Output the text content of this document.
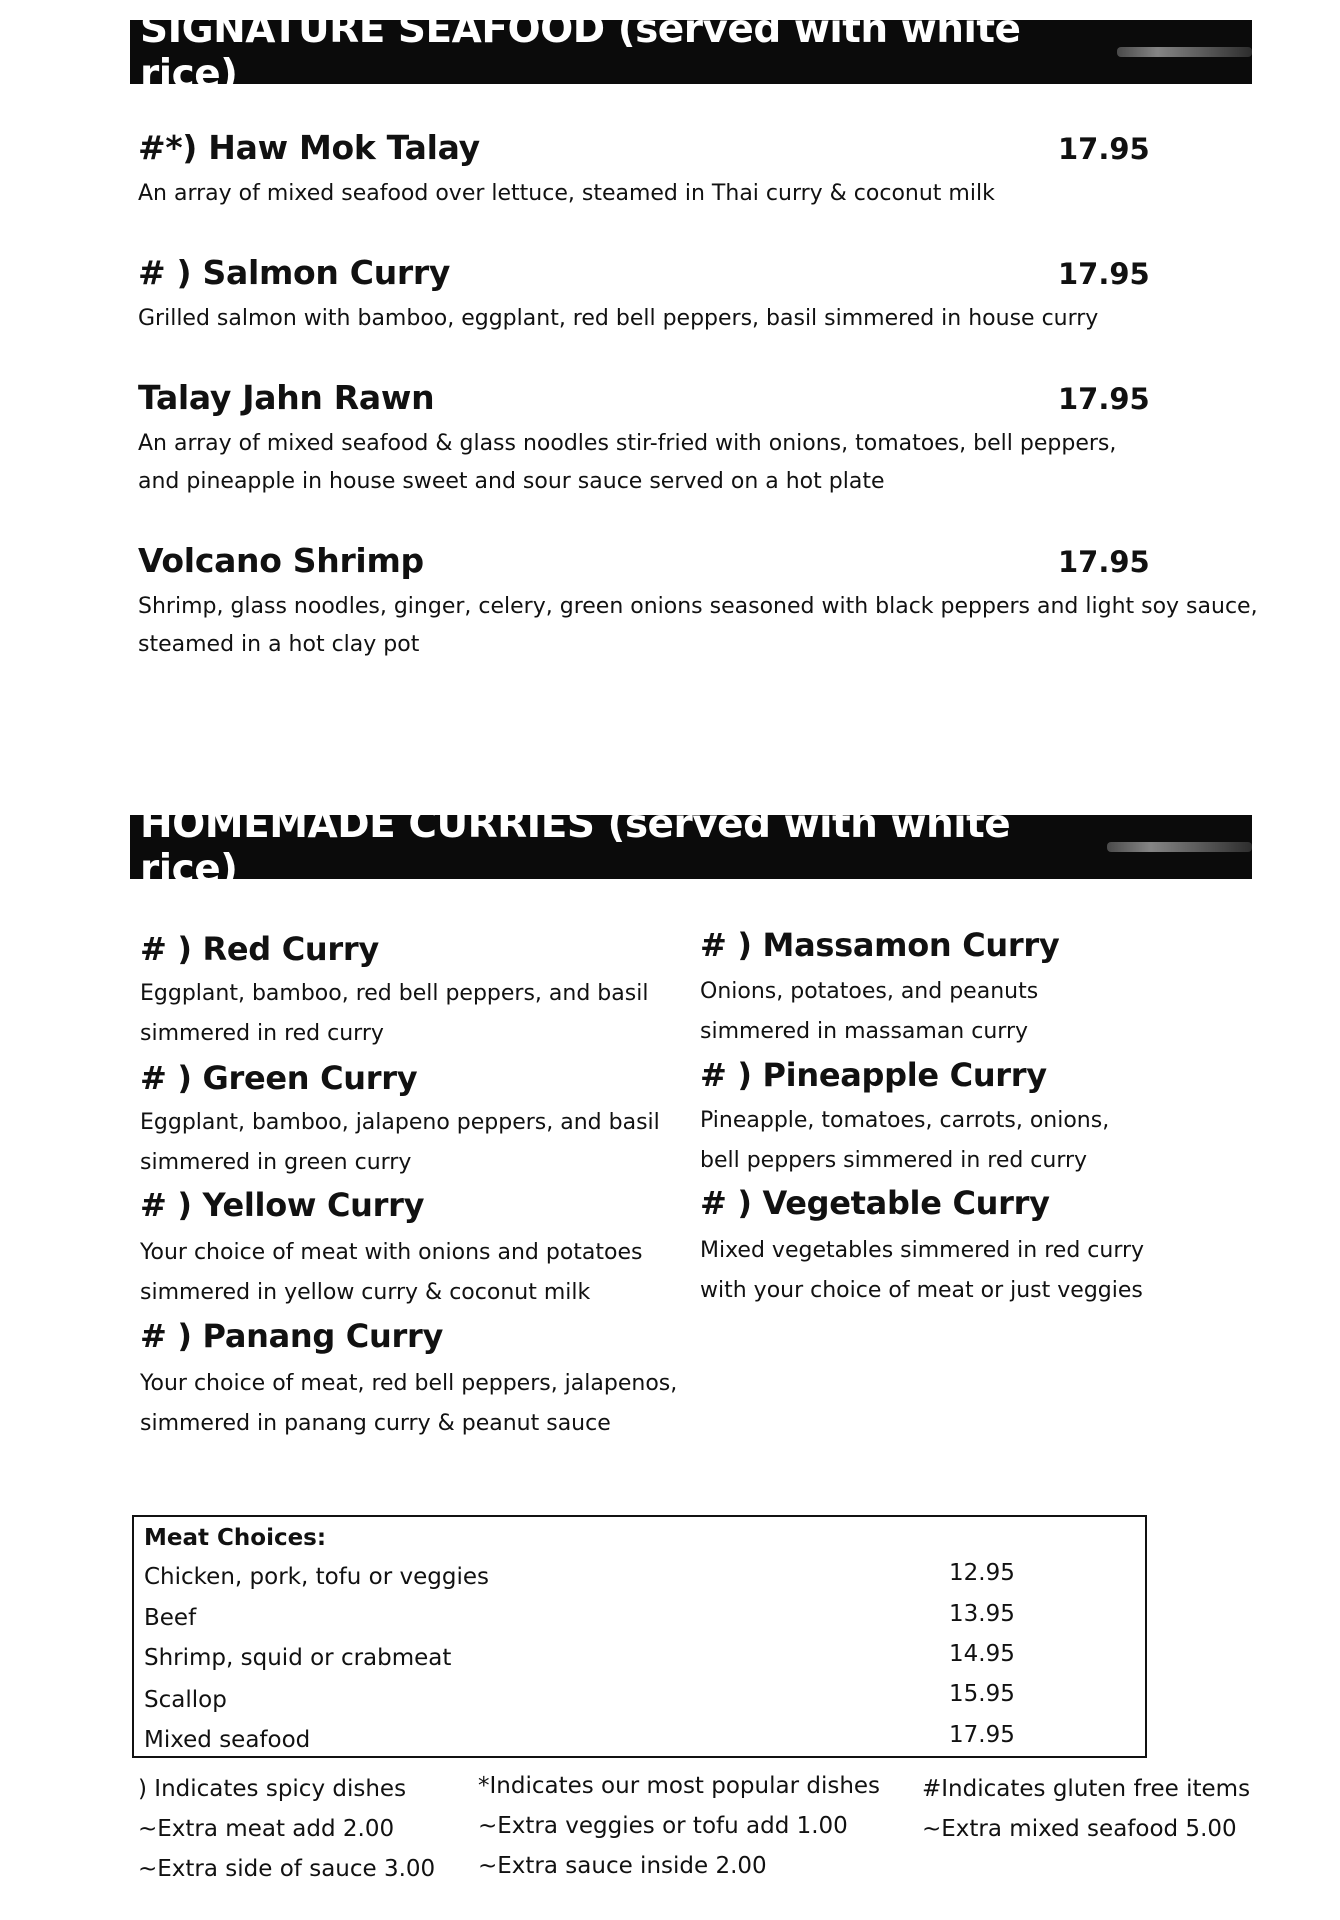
SIGNATURE SEAFOOD (served with white rice)
#*) Haw Mok Talay	17.95
An array of mixed seafood over lettuce, steamed in Thai curry & coconut milk
# ) Salmon Curry	17.95
Grilled salmon with bamboo, eggplant, red bell peppers, basil simmered in house curry
Talay Jahn Rawn	17.95
An array of mixed seafood & glass noodles stir-fried with onions, tomatoes, bell peppers,
and pineapple in house sweet and sour sauce served on a hot plate
Volcano Shrimp	17.95
Shrimp, glass noodles, ginger, celery, green onions seasoned with black peppers and light soy sauce,
steamed in a hot clay pot
HOMEMADE CURRIES (served with white rice)
# ) Red Curry
Eggplant, bamboo, red bell peppers, and basil
simmered in red curry
# ) Green Curry
Eggplant, bamboo, jalapeno peppers, and basil
simmered in green curry
# ) Yellow Curry
Your choice of meat with onions and potatoes
simmered in yellow curry & coconut milk
# ) Panang Curry
Your choice of meat, red bell peppers, jalapenos,
simmered in panang curry & peanut sauce
# ) Massamon Curry
Onions, potatoes, and peanuts
simmered in massaman curry
# ) Pineapple Curry
Pineapple, tomatoes, carrots, onions,
bell peppers simmered in red curry
# ) Vegetable Curry
Mixed vegetables simmered in red curry
with your choice of meat or just veggies
Meat Choices:
Chicken, pork, tofu or veggies	12.95
Beef	13.95
Shrimp, squid or crabmeat	14.95
Scallop	15.95
Mixed seafood	17.95
) Indicates spicy dishes
~Extra meat add 2.00
~Extra side of sauce 3.00
*Indicates our most popular dishes
~Extra veggies or tofu add 1.00
~Extra sauce inside 2.00
#Indicates gluten free items
~Extra mixed seafood 5.00
